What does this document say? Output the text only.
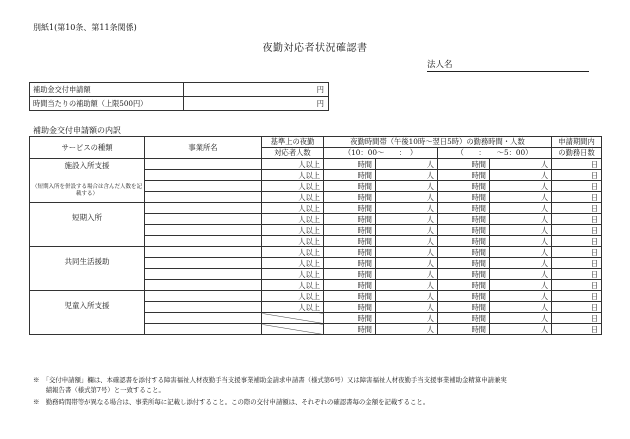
別紙1(第10条、第11条関係)
夜勤対応者状況確認書
法人名
補助金交付申請額	円
時間当たりの補助額（上限500円）	円
補助金交付申請額の内訳
サービスの種類	事業所名	基準上の夜勤	夜勤時間帯（午後10時～翌日5時）の勤務時間・人数				申請期間内
		対応者人数	（10：00～　　：　）		（　　：　　～5：00）		の勤務日数

施設入所支援
（短期入所を併設する場合は含んだ人数を記載する）		人以上	時間	人	時間	人	日
		人以上	時間	人	時間	人	日
		人以上	時間	人	時間	人	日
		人以上	時間	人	時間	人	日

短期入所		人以上	時間	人	時間	人	日
		人以上	時間	人	時間	人	日
		人以上	時間	人	時間	人	日
		人以上	時間	人	時間	人	日

共同生活援助		人以上	時間	人	時間	人	日
		人以上	時間	人	時間	人	日
		人以上	時間	人	時間	人	日
		人以上	時間	人	時間	人	日

児童入所支援		人以上	時間	人	時間	人	日
		人以上	時間	人	時間	人	日
			時間	人	時間	人	日
			時間	人	時間	人	日
※　「交付申請額」欄は、本確認書を添付する障害福祉人材夜勤手当支援事業補助金請求申請書（様式第6号）又は障害福祉人材夜勤手当支援事業補助金精算申請兼実
　　績報告書（様式第7号）と一致すること。
※　勤務時間帯等が異なる場合は、事業所毎に記載し添付すること。この際の交付申請額は、それぞれの確認書毎の金額を記載すること。
